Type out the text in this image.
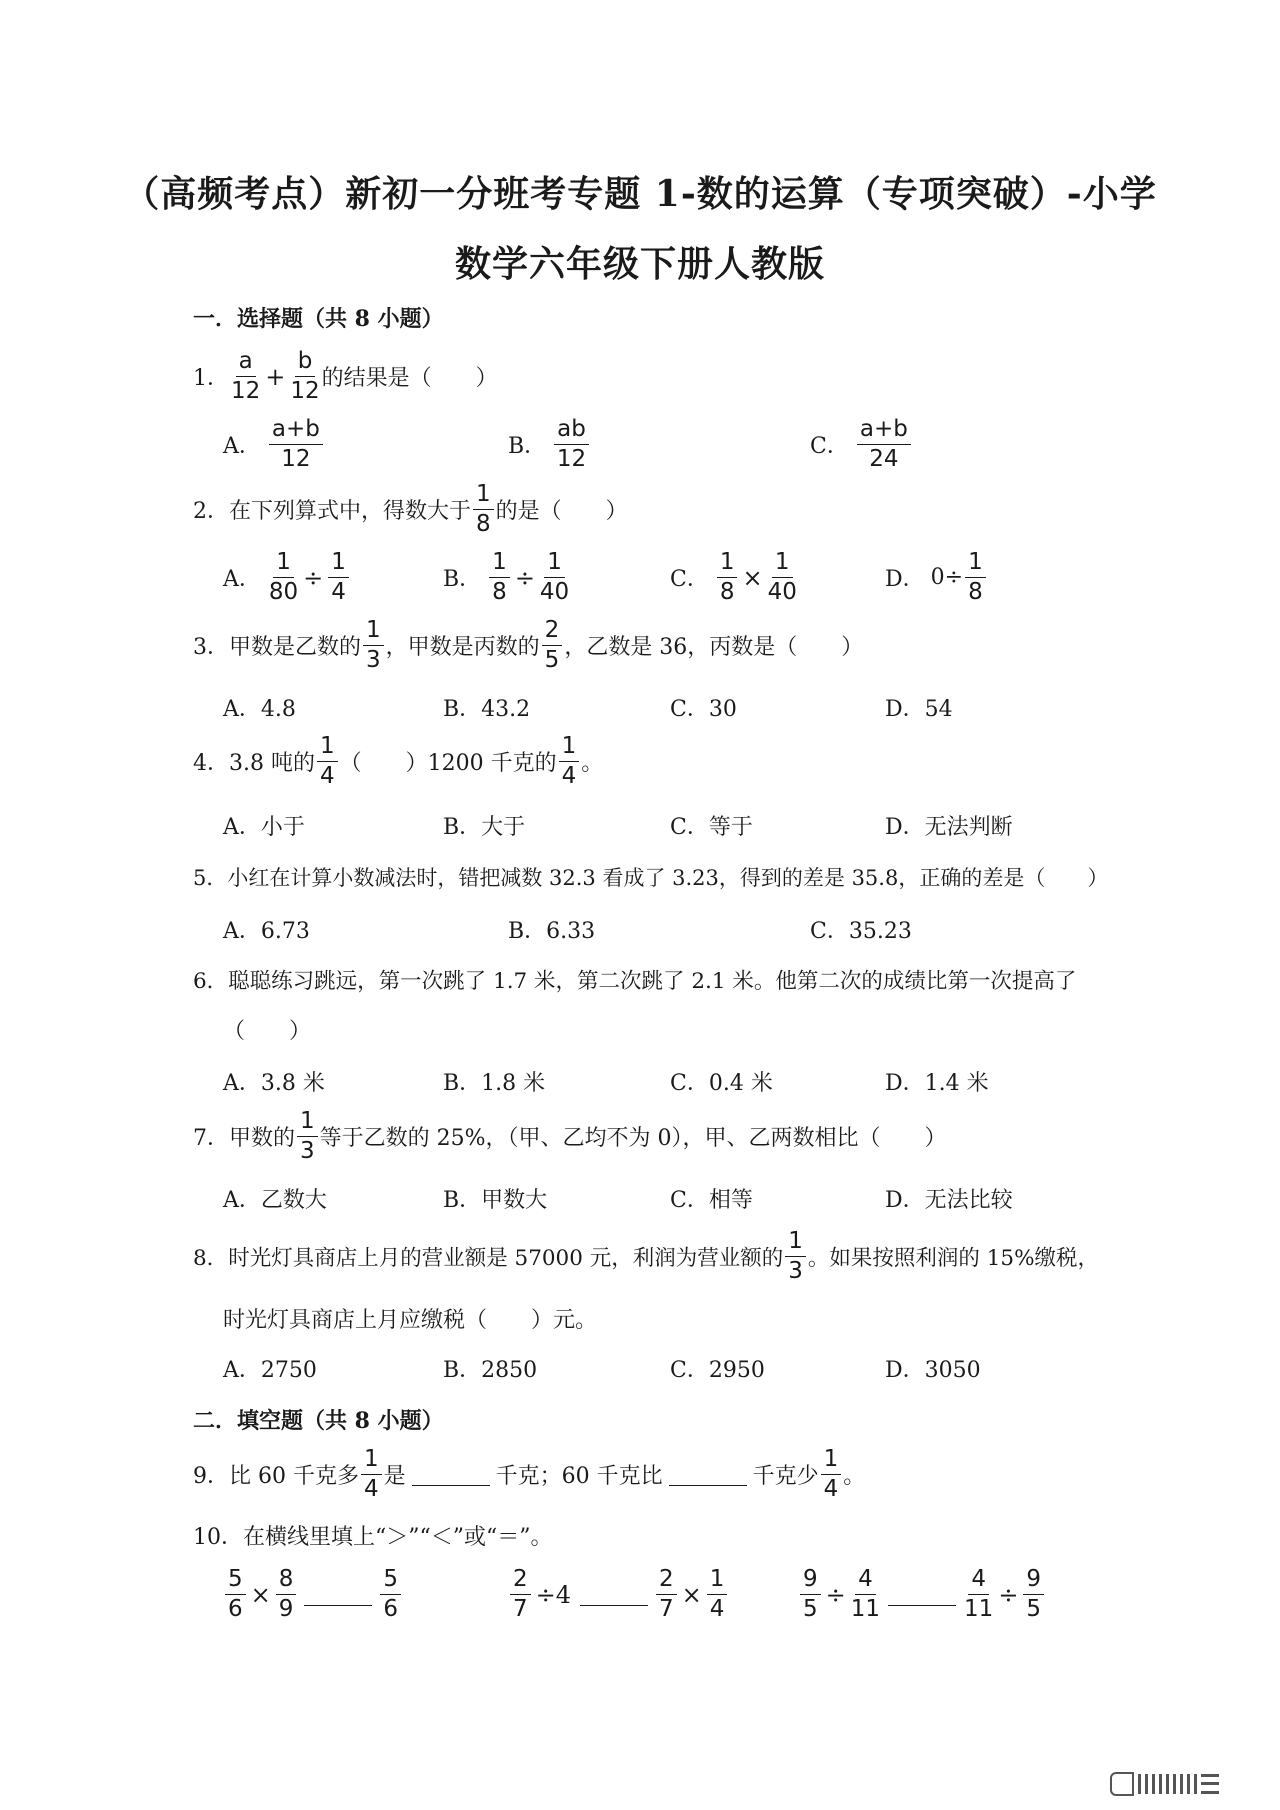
（高频考点）新初一分班考专题 1-数的运算（专项突破）-小学
数学六年级下册人教版
一．选择题（共 8 小题）
1．
a
12
+ $\frac{b}{12}$ 的结果是（　　）
A．
a+b
12	B．
ab
12	C．
a+b
24
2． 在下列算式中，得数大于
1
8 的是（　　）
A． $\frac{1}{80} \div \frac{1}{4}$	B． $\frac{1}{8} \div \frac{1}{40}$	C． $\frac{1}{8} \times \frac{1}{40}$	D． $0\div \frac{1}{8}$
3． 甲数是乙数的
1
3 ，甲数是丙数的
2
5 ，乙数是 36，丙数是（　　）
A．4.8	B．43.2	C．30	D．54
4． 3.8 吨的
1
4 （　　）1200 千克的
1
4 。
A．小于	B．大于	C．等于	D．无法判断
5．小红在计算小数减法时，错把减数 32.3 看成了 3.23，得到的差是 35.8，正确的差是（　　）
A．6.73	B．6.33	C．35.23
6．聪聪练习跳远，第一次跳了 1.7 米，第二次跳了 2.1 米。他第二次的成绩比第一次提高了
（　　）
A．3.8 米	B．1.8 米	C．0.4 米	D．1.4 米
7． 甲数的
1
3 等于乙数的 25%，（甲、乙均不为 0），甲、乙两数相比（　　）
A．乙数大	B．甲数大	C．相等	D．无法比较
8． 时光灯具商店上月的营业额是 57000 元，利润为营业额的
1
3 。如果按照利润的 15%缴税，
时光灯具商店上月应缴税（　　）元。
A．2750	B．2850	C．2950	D．3050
二．填空题（共 8 小题）
9． 比 60 千克多
1
4 是	千克；60 千克比	千克少
1
4 。
10．在横线里填上“＞”“＜”或“＝”。
$\frac{5}{6} \times \frac{8}{9}$	5
6	$\frac{2}{7} \div 4$	$\frac{2}{7} \times \frac{1}{4}$	$\frac{9}{5} \div \frac{4}{11}$	$\frac{4}{11} \div \frac{9}{5}$
